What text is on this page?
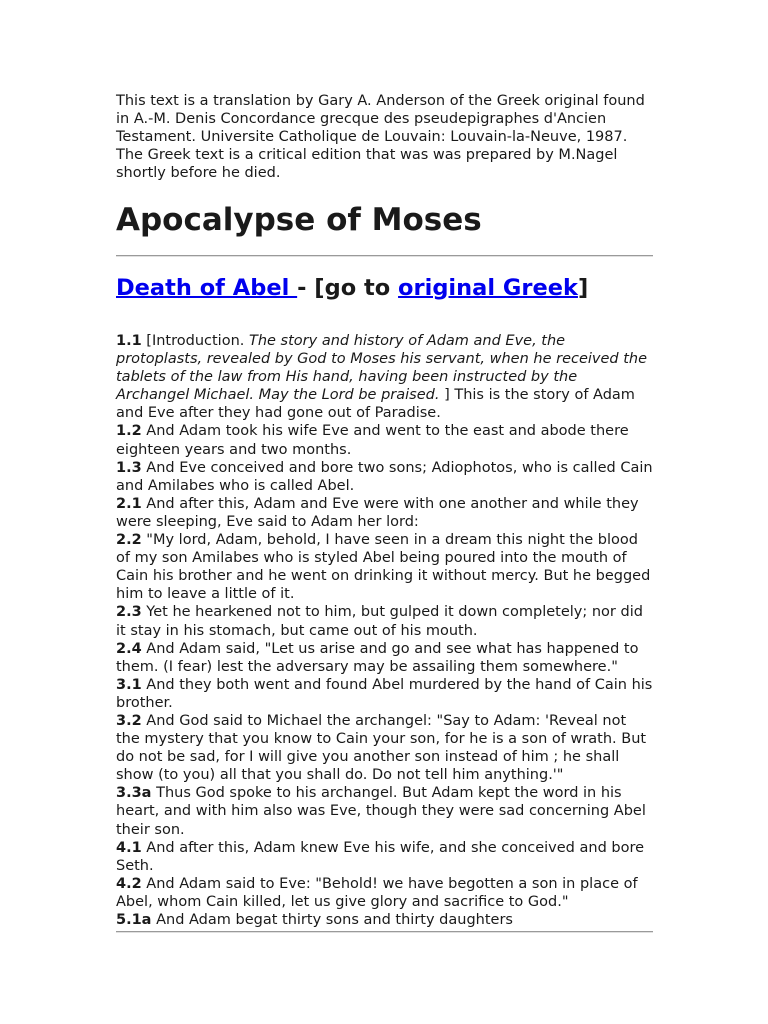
This text is a translation by Gary A. Anderson of the Greek original found in A.-M. Denis Concordance grecque des pseudepigraphes d'Ancien Testament. Universite Catholique de Louvain: Louvain-la-Neuve, 1987. The Greek text is a critical edition that was was prepared by M.Nagel shortly before he died.

Apocalypse of Moses
Death of Abel - [go to original Greek]
1.1 [Introduction. The story and history of Adam and Eve, the protoplasts, revealed by God to Moses his servant, when he received the tablets of the law from His hand, having been instructed by the Archangel Michael. May the Lord be praised. ] This is the story of Adam and Eve after they had gone out of Paradise.
1.2 And Adam took his wife Eve and went to the east and abode there eighteen years and two months.
1.3 And Eve conceived and bore two sons; Adiophotos, who is called Cain and Amilabes who is called Abel.
2.1 And after this, Adam and Eve were with one another and while they were sleeping, Eve said to Adam her lord:
2.2 "My lord, Adam, behold, I have seen in a dream this night the blood of my son Amilabes who is styled Abel being poured into the mouth of Cain his brother and he went on drinking it without mercy. But he begged him to leave a little of it.
2.3 Yet he hearkened not to him, but gulped it down completely; nor did it stay in his stomach, but came out of his mouth.
2.4 And Adam said, "Let us arise and go and see what has happened to them. (I fear) lest the adversary may be assailing them somewhere."
3.1 And they both went and found Abel murdered by the hand of Cain his brother.
3.2 And God said to Michael the archangel: "Say to Adam: 'Reveal not the mystery that you know to Cain your son, for he is a son of wrath. But do not be sad, for I will give you another son instead of him ; he shall show (to you) all that you shall do. Do not tell him anything.'"
3.3a Thus God spoke to his archangel. But Adam kept the word in his heart, and with him also was Eve, though they were sad concerning Abel their son.
4.1 And after this, Adam knew Eve his wife, and she conceived and bore Seth.
4.2 And Adam said to Eve: "Behold! we have begotten a son in place of Abel, whom Cain killed, let us give glory and sacrifice to God."
5.1a And Adam begat thirty sons and thirty daughters
